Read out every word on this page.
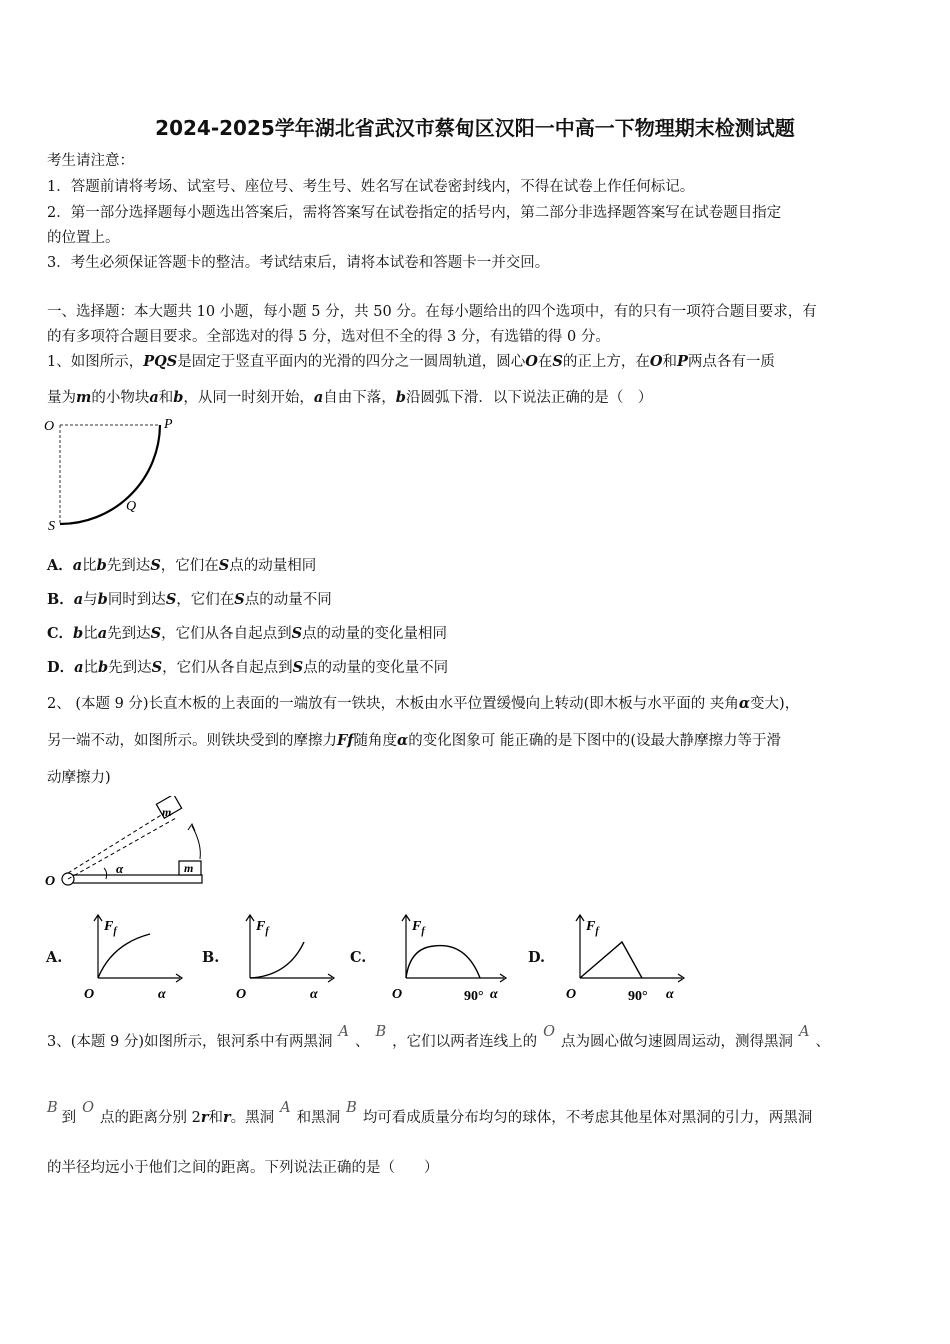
2024-2025学年湖北省武汉市蔡甸区汉阳一中高一下物理期末检测试题
考生请注意：
1．答题前请将考场、试室号、座位号、考生号、姓名写在试卷密封线内，不得在试卷上作任何标记。
2．第一部分选择题每小题选出答案后，需将答案写在试卷指定的括号内，第二部分非选择题答案写在试卷题目指定
的位置上。
3．考生必须保证答题卡的整洁。考试结束后，请将本试卷和答题卡一并交回。
一、选择题：本大题共 10 小题，每小题 5 分，共 50 分。在每小题给出的四个选项中，有的只有一项符合题目要求，有
的有多项符合题目要求。全部选对的得 5 分，选对但不全的得 3 分，有选错的得 0 分。
1、如图所示，PQS是固定于竖直平面内的光滑的四分之一圆周轨道，圆心O在S的正上方，在O和P两点各有一质
量为m的小物块a和b，从同一时刻开始，a自由下落，b沿圆弧下滑．以下说法正确的是（　）
O	P
Q
S
A．a比b先到达S，它们在S点的动量相同
B．a与b同时到达S，它们在S点的动量不同
C．b比a先到达S，它们从各自起点到S点的动量的变化量相同
D．a比b先到达S，它们从各自起点到S点的动量的变化量不同
2、 (本题 9 分)长直木板的上表面的一端放有一铁块，木板由水平位置缓慢向上转动(即木板与水平面的 夹角α变大)，
另一端不动，如图所示。则铁块受到的摩擦力Ff随角度α的变化图象可 能正确的是下图中的(设最大静摩擦力等于滑
动摩擦力)
m
m
α
O
A.
$F_f$
O	α
B.
$F_f$
O	α
C.
$F_f$
O	90° α
D.
$F_f$
O	90° α
3、(本题 9 分)如图所示，银河系中有两黑洞A、B，它们以两者连线上的O点为圆心做匀速圆周运动，测得黑洞A、
B到O点的距离分别 2r和r。黑洞A和黑洞B均可看成质量分布均匀的球体，不考虑其他星体对黑洞的引力，两黑洞
的半径均远小于他们之间的距离。下列说法正确的是（　　）
